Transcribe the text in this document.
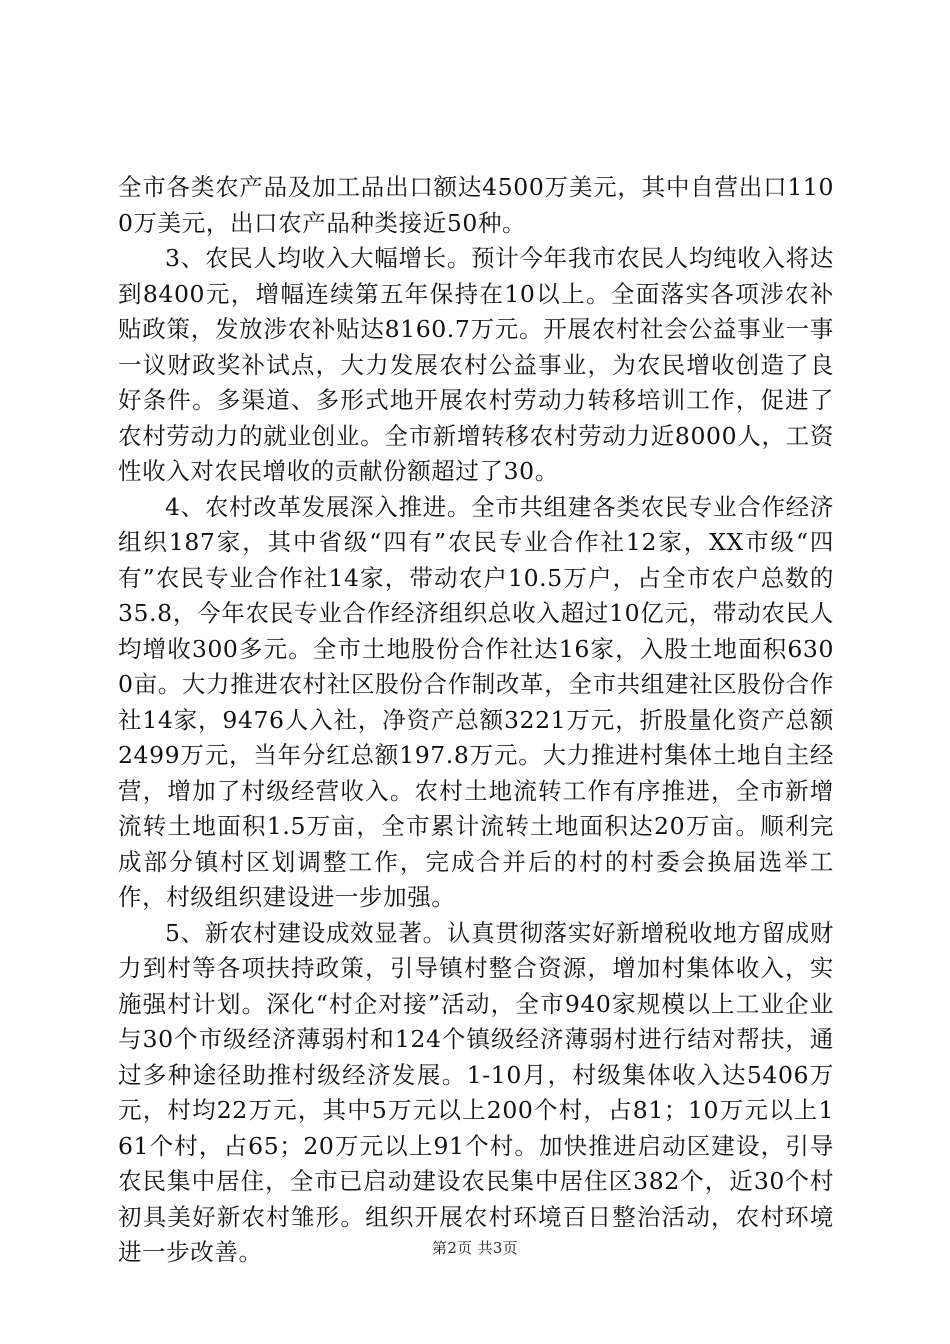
全市各类农产品及加工品出口额达4500万美元，其中自营出口1100万美元，出口农产品种类接近50种。

3、农民人均收入大幅增长。预计今年我市农民人均纯收入将达到8400元，增幅连续第五年保持在10以上。全面落实各项涉农补贴政策，发放涉农补贴达8160.7万元。开展农村社会公益事业一事一议财政奖补试点，大力发展农村公益事业，为农民增收创造了良好条件。多渠道、多形式地开展农村劳动力转移培训工作，促进了农村劳动力的就业创业。全市新增转移农村劳动力近8000人，工资性收入对农民增收的贡献份额超过了30。

4、农村改革发展深入推进。全市共组建各类农民专业合作经济组织187家，其中省级“四有”农民专业合作社12家，XX市级“四有”农民专业合作社14家，带动农户10.5万户，占全市农户总数的35.8，今年农民专业合作经济组织总收入超过10亿元，带动农民人均增收300多元。全市土地股份合作社达16家，入股土地面积6300亩。大力推进农村社区股份合作制改革，全市共组建社区股份合作社14家，9476人入社，净资产总额3221万元，折股量化资产总额2499万元，当年分红总额197.8万元。大力推进村集体土地自主经营，增加了村级经营收入。农村土地流转工作有序推进，全市新增流转土地面积1.5万亩，全市累计流转土地面积达20万亩。顺利完成部分镇村区划调整工作，完成合并后的村的村委会换届选举工作，村级组织建设进一步加强。

5、新农村建设成效显著。认真贯彻落实好新增税收地方留成财力到村等各项扶持政策，引导镇村整合资源，增加村集体收入，实施强村计划。深化“村企对接”活动，全市940家规模以上工业企业与30个市级经济薄弱村和124个镇级经济薄弱村进行结对帮扶，通过多种途径助推村级经济发展。1-10月，村级集体收入达5406万元，村均22万元，其中5万元以上200个村，占81；10万元以上161个村，占65；20万元以上91个村。加快推进启动区建设，引导农民集中居住，全市已启动建设农民集中居住区382个，近30个村初具美好新农村雏形。组织开展农村环境百日整治活动，农村环境进一步改善。	第2页 共3页
